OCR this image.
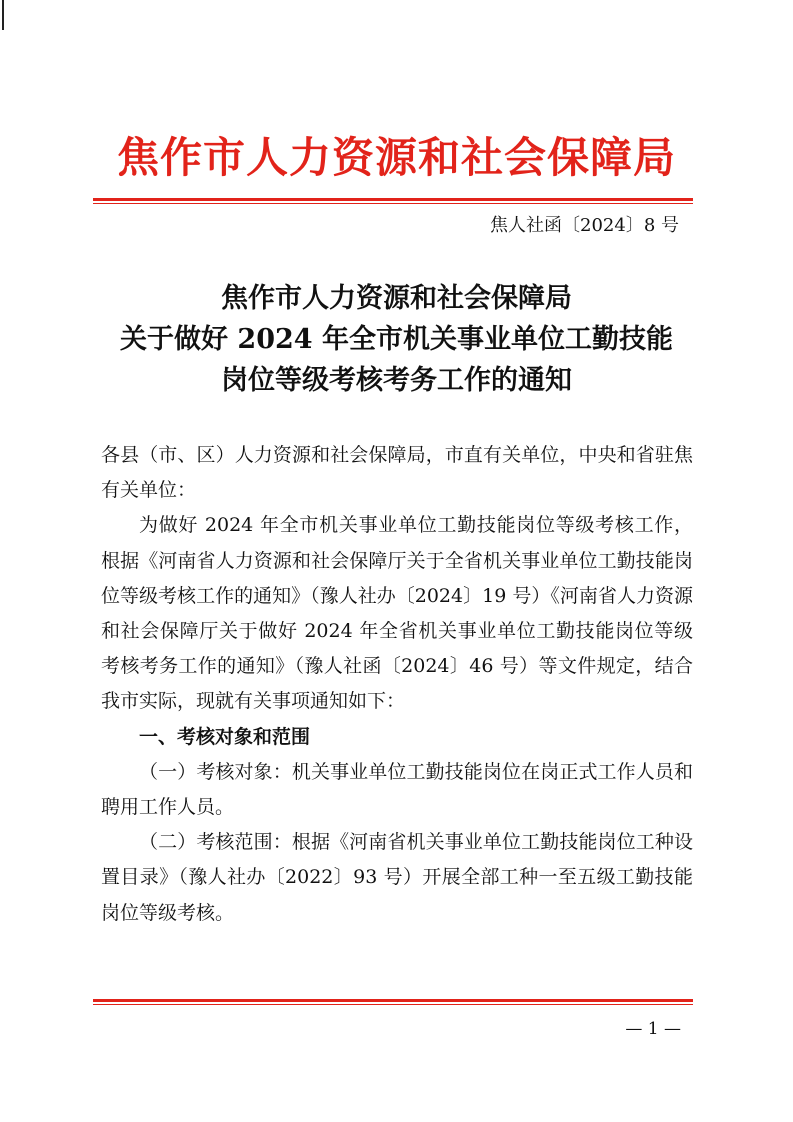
焦作市人力资源和社会保障局
焦人社函〔2024〕8 号
焦作市人力资源和社会保障局
关于做好 2024 年全市机关事业单位工勤技能
岗位等级考核考务工作的通知

各县（市、区）人力资源和社会保障局，市直有关单位，中央和省驻焦有关单位：

为做好 2024 年全市机关事业单位工勤技能岗位等级考核工作，根据《河南省人力资源和社会保障厅关于全省机关事业单位工勤技能岗位等级考核工作的通知》（豫人社办〔2024〕19 号）《河南省人力资源和社会保障厅关于做好 2024 年全省机关事业单位工勤技能岗位等级考核考务工作的通知》（豫人社函〔2024〕46 号）等文件规定，结合我市实际，现就有关事项通知如下：

一、考核对象和范围

（一）考核对象：机关事业单位工勤技能岗位在岗正式工作人员和聘用工作人员。

（二）考核范围：根据《河南省机关事业单位工勤技能岗位工种设置目录》（豫人社办〔2022〕93 号）开展全部工种一至五级工勤技能岗位等级考核。

— 1 —
